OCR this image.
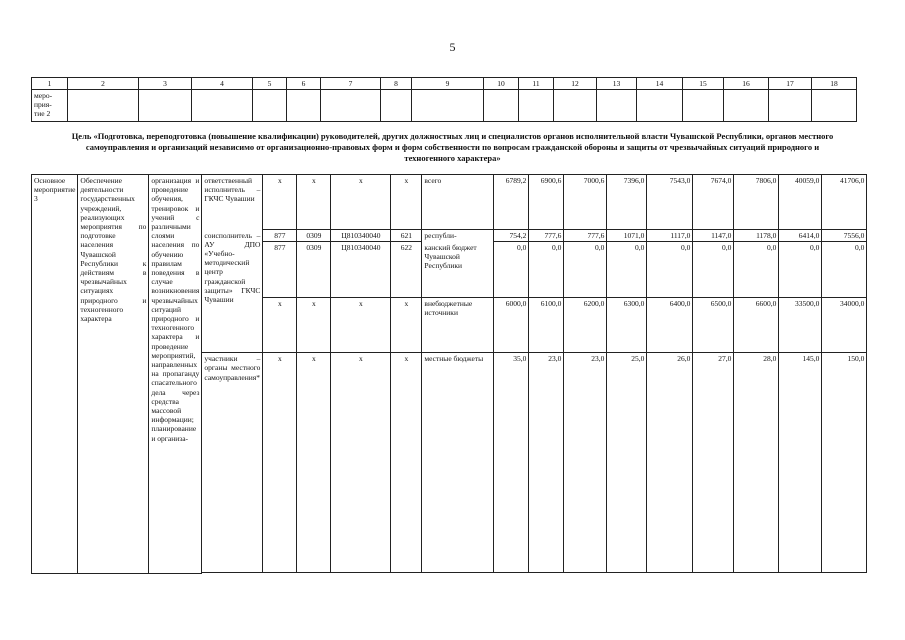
5
1	2	3	4	5	6	7	8	9	10	11	12	13	14	15	16	17	18
меро-
прия-
тие 2																	
Цель «Подготовка, переподготовка (повышение квалификации) руководителей, других должностных лиц и специалистов органов исполнительной власти Чувашской Республики, органов местного самоуправления и организаций независимо от организационно-правовых форм и форм собственности по вопросам гражданской обороны и защиты от чрезвычайных ситуаций природного и техногенного характера»
Основное мероприятие 3	Обеспечение деятельности государственных учреждений, реализующих мероприятия по подготовке населения Чувашской Республики к действиям в чрезвычайных ситуациях природного и техногенного характера	организация и проведение обучения, тренировок и учений с различными слоями населения по обучению правилам поведения в случае возникновения чрезвычайных ситуаций природного и техногенного характера и проведение мероприятий, направленных на пропаганду спасательного дела через средства массовой информации; планирование и организа-	ответственный исполнитель – ГКЧС Чувашии	х	х	х	х	всего	6789,2	6900,6	7000,6	7396,0	7543,0	7674,0	7806,0	40059,0	41706,0
			соисполнитель – АУ ДПО «Учебно-методический центр гражданской защиты» ГКЧС Чувашии	877	0309	Ц810340040	621	республи-	754,2	777,6	777,6	1071,0	1117,0	1147,0	1178,0	6414,0	7556,0
				877	0309	Ц810340040	622	канский бюджет Чувашской Республики	0,0	0,0	0,0	0,0	0,0	0,0	0,0	0,0	0,0
				х	х	х	х	внебюджетные источники	6000,0	6100,0	6200,0	6300,0	6400,0	6500,0	6600,0	33500,0	34000,0
			участники – органы местного самоуправления*	х	х	х	х	местные бюджеты	35,0	23,0	23,0	25,0	26,0	27,0	28,0	145,0	150,0
